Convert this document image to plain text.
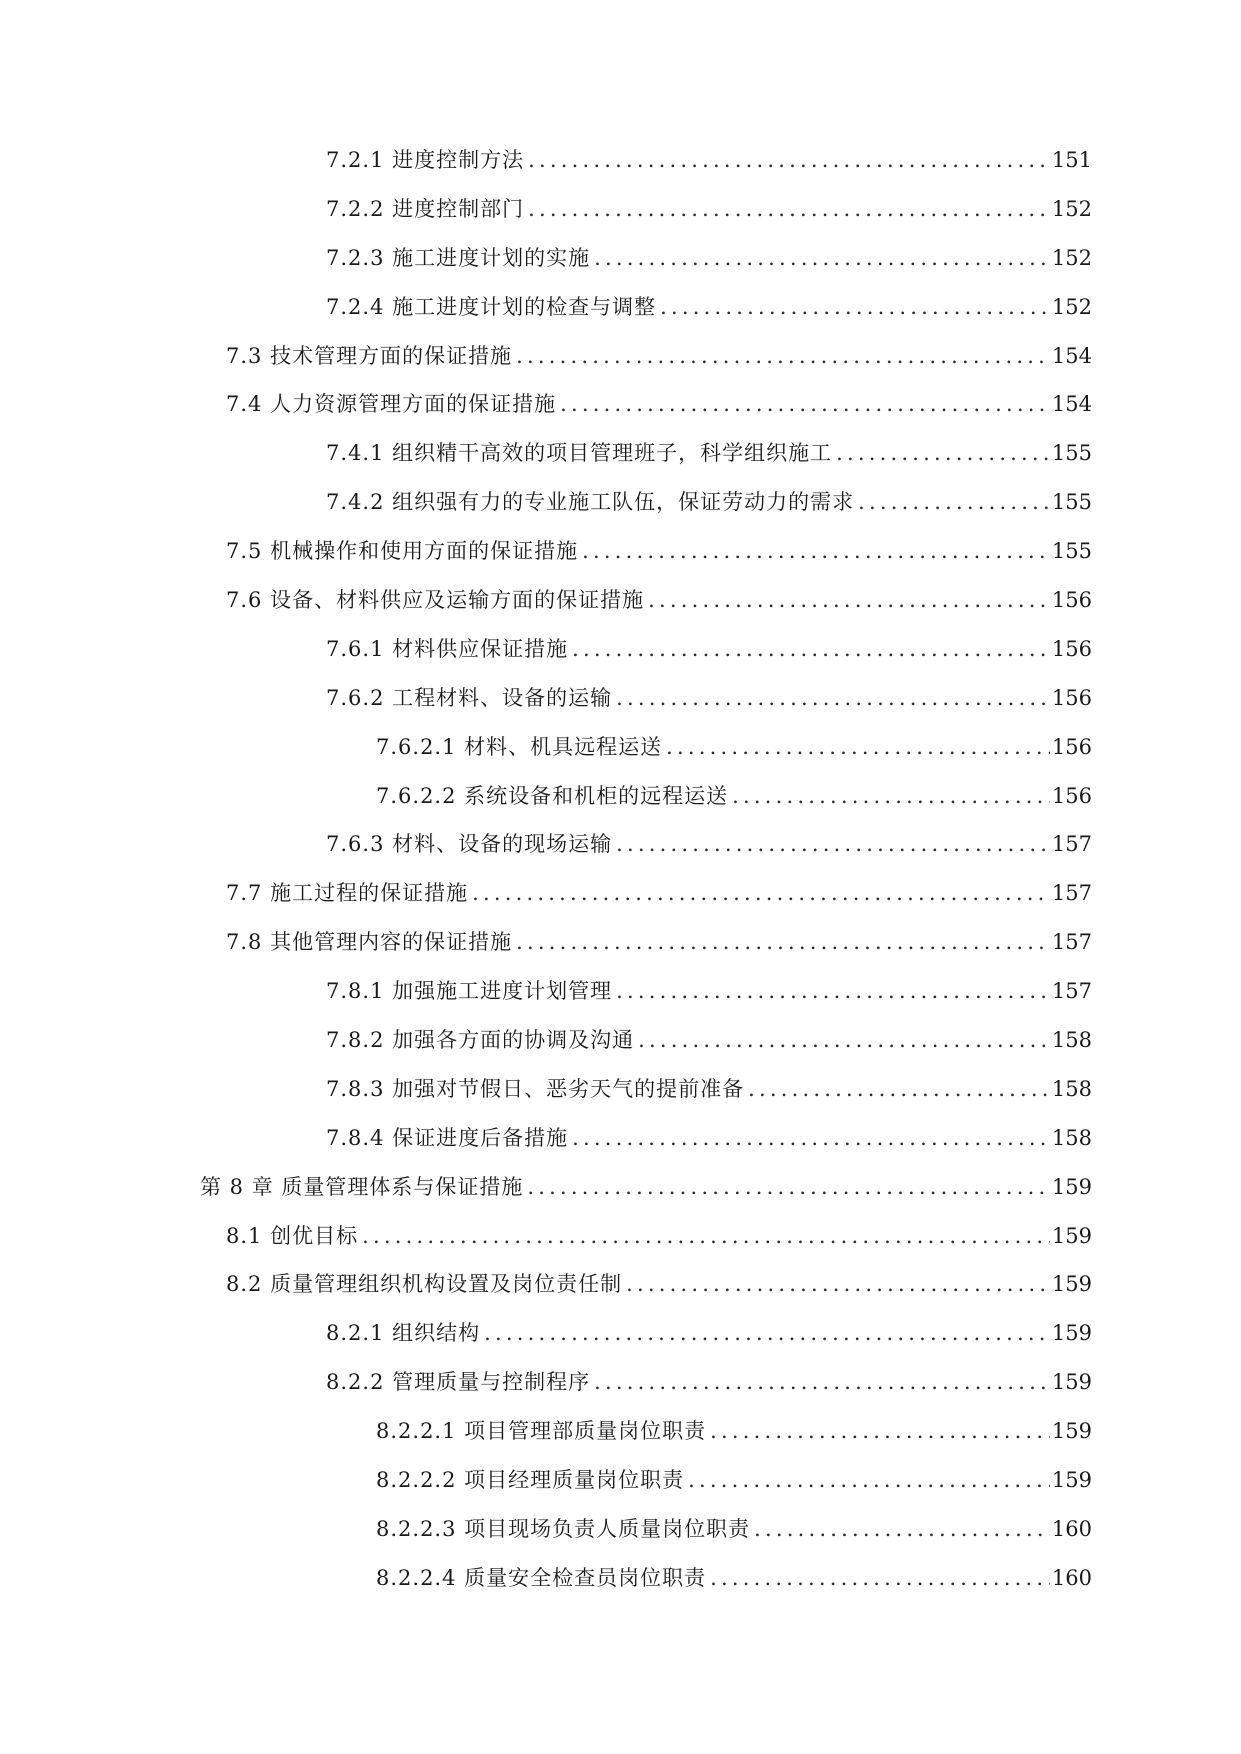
7.2.1 进度控制方法 .....	151
7.2.2 进度控制部门 .....	152
7.2.3 施工进度计划的实施 .....	152
7.2.4 施工进度计划的检查与调整 .....	152
7.3 技术管理方面的保证措施 .....	154
7.4 人力资源管理方面的保证措施 .....	154
7.4.1 组织精干高效的项目管理班子，科学组织施工 .....	155
7.4.2 组织强有力的专业施工队伍，保证劳动力的需求 .....	155
7.5 机械操作和使用方面的保证措施 .....	155
7.6 设备、材料供应及运输方面的保证措施 .....	156
7.6.1 材料供应保证措施 .....	156
7.6.2 工程材料、设备的运输 .....	156
7.6.2.1 材料、机具远程运送 .....	156
7.6.2.2 系统设备和机柜的远程运送 .....	156
7.6.3 材料、设备的现场运输 .....	157
7.7 施工过程的保证措施 .....	157
7.8 其他管理内容的保证措施 .....	157
7.8.1 加强施工进度计划管理 .....	157
7.8.2 加强各方面的协调及沟通 .....	158
7.8.3 加强对节假日、恶劣天气的提前准备 .....	158
7.8.4 保证进度后备措施 .....	158
第 8 章 质量管理体系与保证措施 .....	159
8.1 创优目标 .....	159
8.2 质量管理组织机构设置及岗位责任制 .....	159
8.2.1 组织结构 .....	159
8.2.2 管理质量与控制程序 .....	159
8.2.2.1 项目管理部质量岗位职责 .....	159
8.2.2.2 项目经理质量岗位职责 .....	159
8.2.2.3 项目现场负责人质量岗位职责 .....	160
8.2.2.4 质量安全检查员岗位职责 .....	160
